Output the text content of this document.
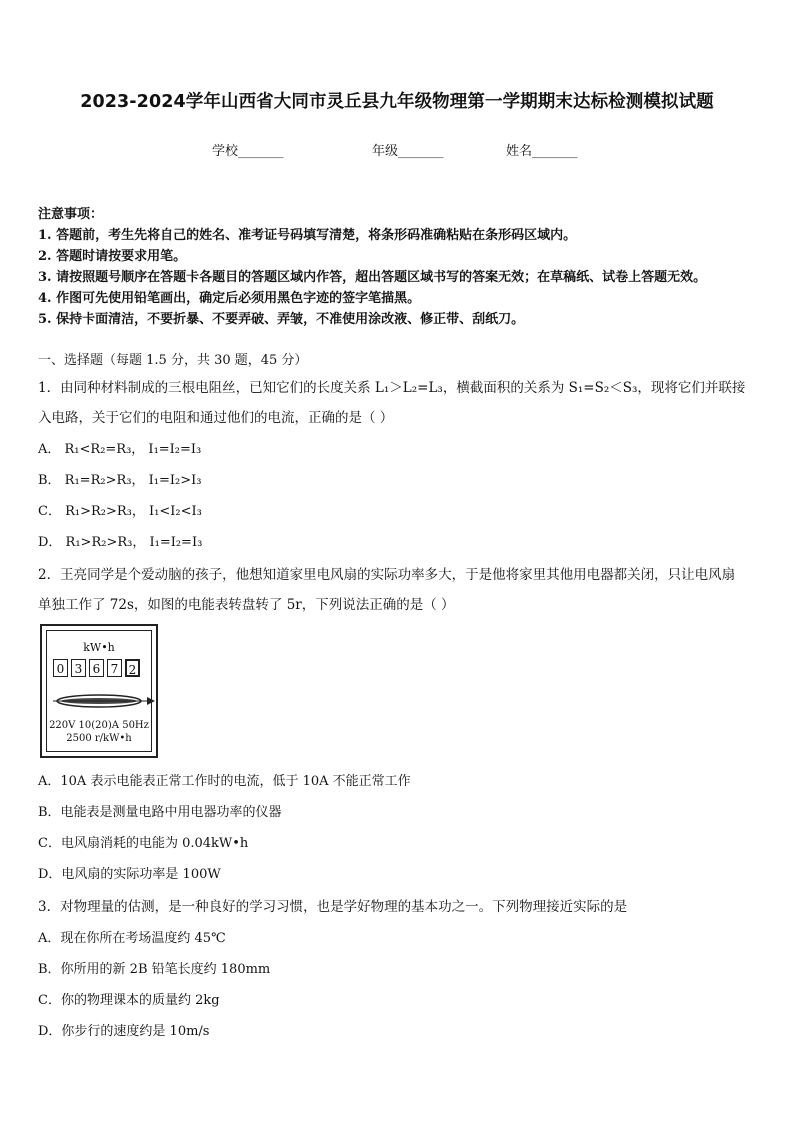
2023-2024学年山西省大同市灵丘县九年级物理第一学期期末达标检测模拟试题
学校_______	年级_______	姓名_______
注意事项：
1. 答题前，考生先将自己的姓名、准考证号码填写清楚，将条形码准确粘贴在条形码区域内。
2. 答题时请按要求用笔。
3. 请按照题号顺序在答题卡各题目的答题区域内作答，超出答题区域书写的答案无效；在草稿纸、试卷上答题无效。
4. 作图可先使用铅笔画出，确定后必须用黑色字迹的签字笔描黑。
5. 保持卡面清洁，不要折暴、不要弄破、弄皱，不准使用涂改液、修正带、刮纸刀。
一、选择题（每题 1.5 分，共 30 题，45 分）
1．由同种材料制成的三根电阻丝，已知它们的长度关系 L₁＞L₂=L₃，横截面积的关系为 S₁=S₂＜S₃，现将它们并联接
入电路，关于它们的电阻和通过他们的电流，正确的是（ ）
A． R₁<R₂=R₃， I₁=I₂=I₃
B． R₁=R₂>R₃， I₁=I₂>I₃
C． R₁>R₂>R₃， I₁<I₂<I₃
D． R₁>R₂>R₃， I₁=I₂=I₃
2．王亮同学是个爱动脑的孩子，他想知道家里电风扇的实际功率多大，于是他将家里其他用电器都关闭，只让电风扇
单独工作了 72s，如图的电能表转盘转了 5r，下列说法正确的是（ ）
kW•h
0 3 6 7 2
220V 10(20)A 50Hz
2500 r/kW•h
A．10A 表示电能表正常工作时的电流，低于 10A 不能正常工作
B．电能表是测量电路中用电器功率的仪器
C．电风扇消耗的电能为 0.04kW•h
D．电风扇的实际功率是 100W
3．对物理量的估测，是一种良好的学习习惯，也是学好物理的基本功之一。下列物理接近实际的是
A．现在你所在考场温度约 45℃
B．你所用的新 2B 铅笔长度约 180mm
C．你的物理课本的质量约 2kg
D．你步行的速度约是 10m/s
